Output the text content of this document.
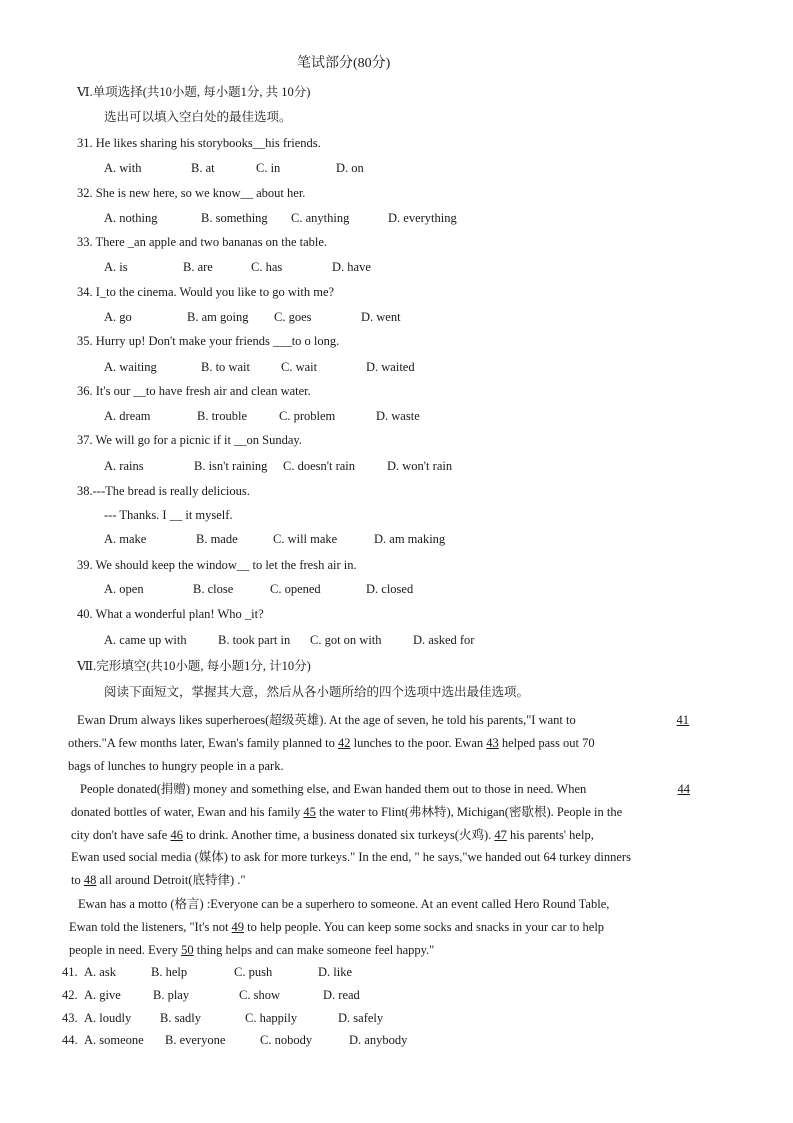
笔试部分(80分)
Ⅵ.单项选择(共10小题, 每小题1分, 共 10分)
选出可以填入空白处的最佳选项。
31. He likes sharing his storybooks__his friends.
A. with	B. at	C. in	D. on
32. She is new here, so we know__ about her.
A. nothing	B. something C. anything	D. everything
33. There _an apple and two bananas on the table.
A. is	B. are	C. has	D. have
34. I_to the cinema. Would you like to go with me?
A. go	B. am going C. goes	D. went
35. Hurry up! Don't make your friends ___to o long.
A. waiting	B. to wait C. wait	D. waited
36. It's our __to have fresh air and clean water.
A. dream	B. trouble	C. problem	D. waste
37. We will go for a picnic if it __on Sunday.
A. rains	B. isn't raining C. doesn't rain	D. won't rain
38.---The bread is really delicious.
--- Thanks. I __ it myself.
A. make	B. made	C. will make	D. am making
39. We should keep the window__ to let the fresh air in.
A. open	B. close	C. opened	D. closed
40. What a wonderful plan! Who _it?
A. came up with	B. took part in C. got on with	D. asked for
Ⅶ.完形填空(共10小题, 每小题1分, 计10分)
阅读下面短文，掌握其大意，然后从各小题所给的四个选项中选出最佳选项。
Ewan Drum always likes superheroes(超级英雄). At the age of seven, he told his parents,"I want to	41
others."A few months later, Ewan's family planned to 42 lunches to the poor. Ewan 43 helped pass out 70
bags of lunches to hungry people in a park.
People donated(捐赠) money and something else, and Ewan handed them out to those in need. When	44
donated bottles of water, Ewan and his family 45 the water to Flint(弗林特), Michigan(密歇根). People in the
city don't have safe 46 to drink. Another time, a business donated six turkeys(火鸡). 47 his parents' help,
Ewan used social media (媒体) to ask for more turkeys." In the end, " he says,"we handed out 64 turkey dinners
to 48 all around Detroit(底特律) ."
Ewan has a motto (格言) :Everyone can be a superhero to someone. At an event called Hero Round Table,
Ewan told the listeners, "It's not 49 to help people. You can keep some socks and snacks in your car to help
people in need. Every 50 thing helps and can make someone feel happy."
41. A. ask	B. help	C. push	D. like
42. A. give	B. play	C. show	D. read
43. A. loudly B. sadly	C. happily	D. safely
44. A. someone B. everyone	C. nobody	D. anybody
